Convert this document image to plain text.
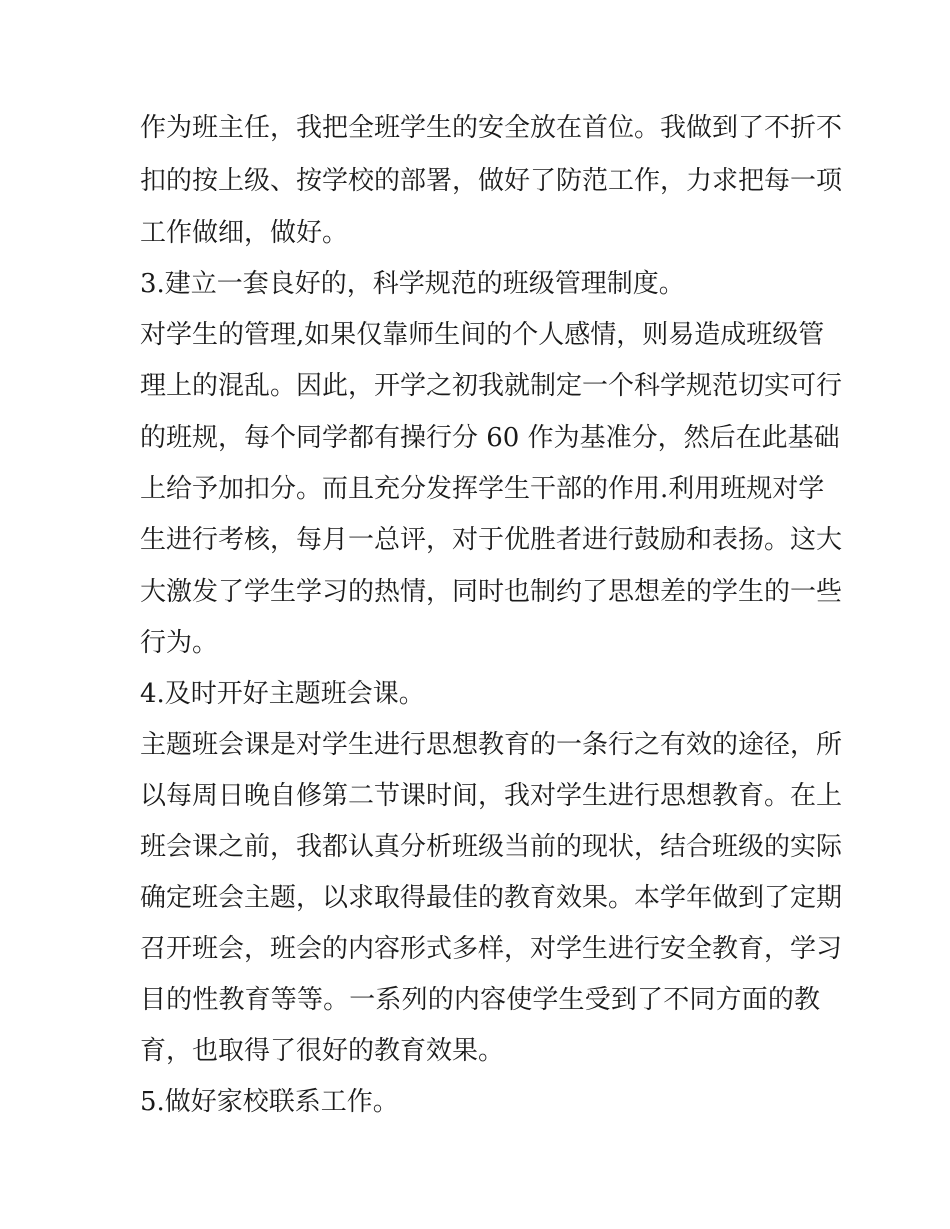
作为班主任，我把全班学生的安全放在首位。我做到了不折不
扣的按上级、按学校的部署，做好了防范工作，力求把每一项
工作做细，做好。
3.建立一套良好的，科学规范的班级管理制度。
对学生的管理,如果仅靠师生间的个人感情，则易造成班级管
理上的混乱。因此，开学之初我就制定一个科学规范切实可行
的班规，每个同学都有操行分 60 作为基准分，然后在此基础
上给予加扣分。而且充分发挥学生干部的作用.利用班规对学
生进行考核，每月一总评，对于优胜者进行鼓励和表扬。这大
大激发了学生学习的热情，同时也制约了思想差的学生的一些
行为。
4.及时开好主题班会课。
主题班会课是对学生进行思想教育的一条行之有效的途径，所
以每周日晚自修第二节课时间，我对学生进行思想教育。在上
班会课之前，我都认真分析班级当前的现状，结合班级的实际
确定班会主题，以求取得最佳的教育效果。本学年做到了定期
召开班会，班会的内容形式多样，对学生进行安全教育，学习
目的性教育等等。一系列的内容使学生受到了不同方面的教
育，也取得了很好的教育效果。
5.做好家校联系工作。
